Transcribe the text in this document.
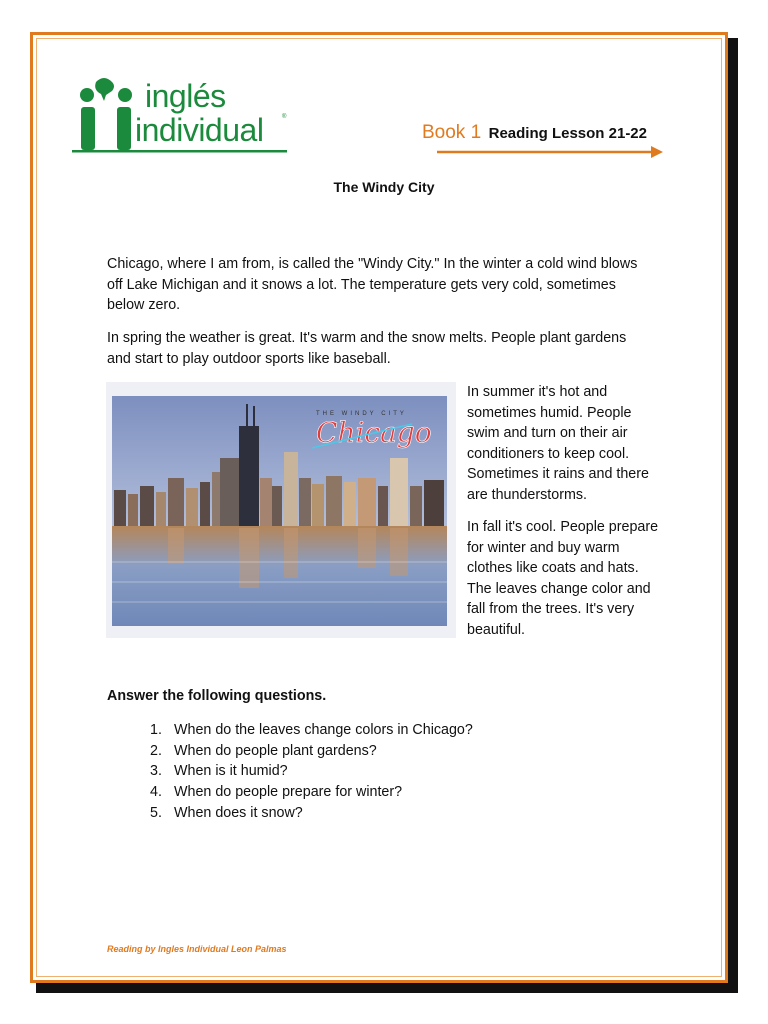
inglés
individual	®
Book 1 Reading Lesson 21-22
The Windy City
Chicago, where I am from, is called the "Windy City." In the winter a cold wind blows off Lake Michigan and it snows a lot. The temperature gets very cold, sometimes below zero.
In spring the weather is great. It's warm and the snow melts. People plant gardens and start to play outdoor sports like baseball.
THE WINDY CITY
Chicago
In summer it's hot and sometimes humid. People swim and turn on their air conditioners to keep cool. Sometimes it rains and there are thunderstorms.
In fall it's cool. People prepare for winter and buy warm clothes like coats and hats. The leaves change color and fall from the trees. It's very beautiful.
Answer the following questions.
1. When do the leaves change colors in Chicago?
2. When do people plant gardens?
3. When is it humid?
4. When do people prepare for winter?
5. When does it snow?
Reading by Ingles Individual Leon Palmas
